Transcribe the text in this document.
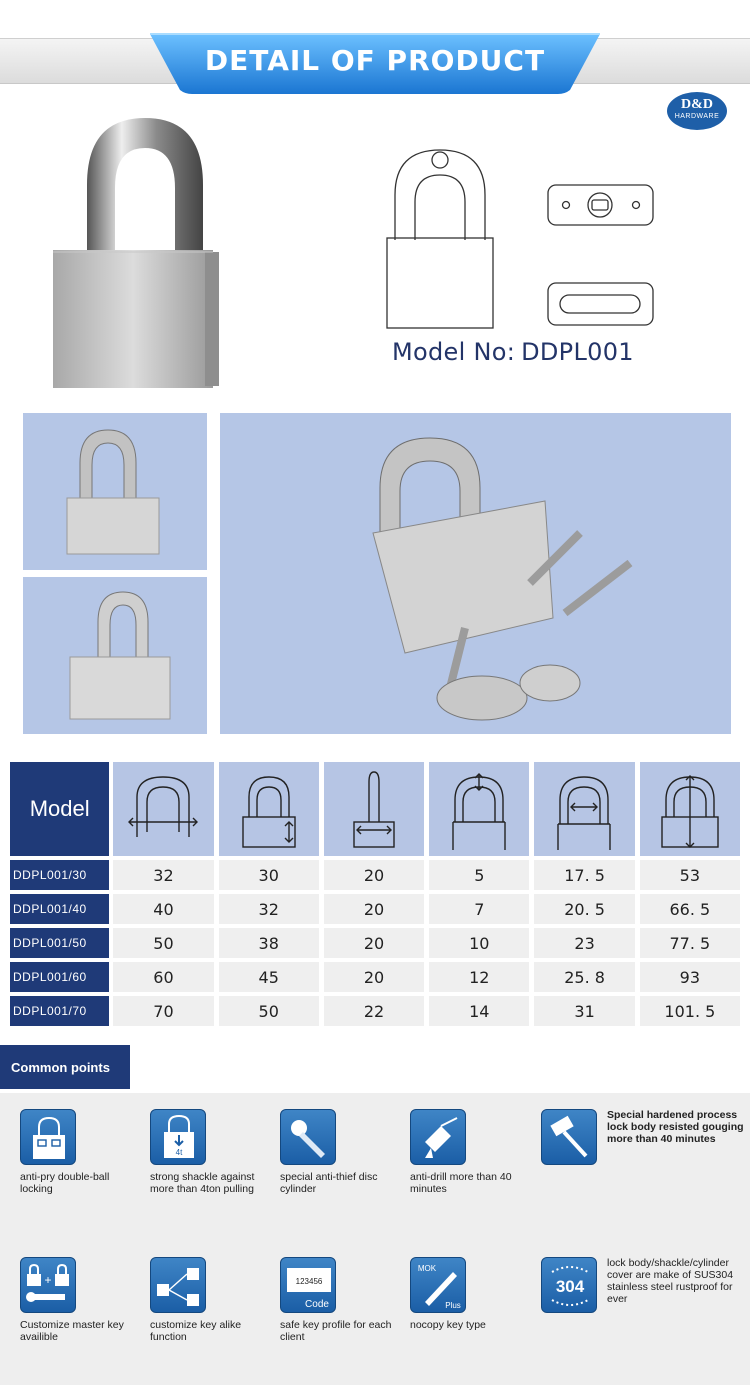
DETAIL OF PRODUCT
D&D
HARDWARE
Model No: DDPL001
Model
DDPL001/30	32	30	20	5	17. 5	53
DDPL001/40	40	32	20	7	20. 5	66. 5
DDPL001/50	50	38	20	10	23	77. 5
DDPL001/60	60	45	20	12	25. 8	93
DDPL001/70	70	50	22	14	31	101. 5
Common points
anti-pry double-ball locking
4t
strong shackle against more than 4ton pulling
special anti-thief disc cylinder
anti-drill more than 40 minutes
Special hardened process lock body resisted gouging more than 40 minutes
+
Customize master key availible
customize key alike function
123456
Code
safe key profile for each client
MOK
Plus
nocopy key type
304
lock body/shackle/cylinder cover are make of SUS304 stainless steel rustproof for ever
